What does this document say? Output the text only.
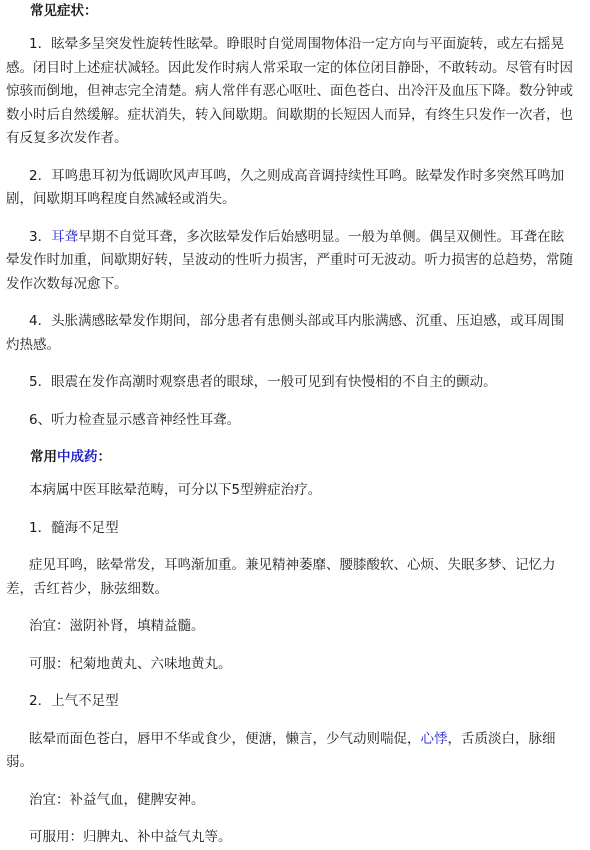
常见症状：

1．眩晕多呈突发性旋转性眩晕。睁眼时自觉周围物体沿一定方向与平面旋转，或左右摇晃感。闭目时上述症状减轻。因此发作时病人常采取一定的体位闭目静卧，不敢转动。尽管有时因惊骇而倒地，但神志完全清楚。病人常伴有恶心呕吐、面色苍白、出冷汗及血压下降。数分钟或数小时后自然缓解。症状消失，转入间歇期。间歇期的长短因人而异，有终生只发作一次者，也有反复多次发作者。

2．耳鸣患耳初为低调吹风声耳鸣，久之则成高音调持续性耳鸣。眩晕发作时多突然耳鸣加剧，间歇期耳鸣程度自然减轻或消失。

3．耳聋早期不自觉耳聋，多次眩晕发作后始感明显。一般为单侧。偶呈双侧性。耳聋在眩晕发作时加重，间歇期好转，呈波动的性听力损害，严重时可无波动。听力损害的总趋势，常随发作次数每况愈下。

4．头胀满感眩晕发作期间，部分患者有患侧头部或耳内胀满感、沉重、压迫感，或耳周围灼热感。

5．眼震在发作高潮时观察患者的眼球，一般可见到有快慢相的不自主的颤动。

6、听力检查显示感音神经性耳聋。

常用中成药：

本病属中医耳眩晕范畴，可分以下5型辨症治疗。

1．髓海不足型

症见耳鸣，眩晕常发，耳鸣渐加重。兼见精神萎靡、腰膝酸软、心烦、失眠多梦、记忆力差，舌红苔少，脉弦细数。

治宜：滋阴补肾，填精益髓。

可服：杞菊地黄丸、六味地黄丸。

2．上气不足型

眩晕而面色苍白，唇甲不华或食少，便溏，懒言，少气动则喘促，心悸，舌质淡白，脉细弱。

治宜：补益气血，健脾安神。

可服用：归脾丸、补中益气丸等。
